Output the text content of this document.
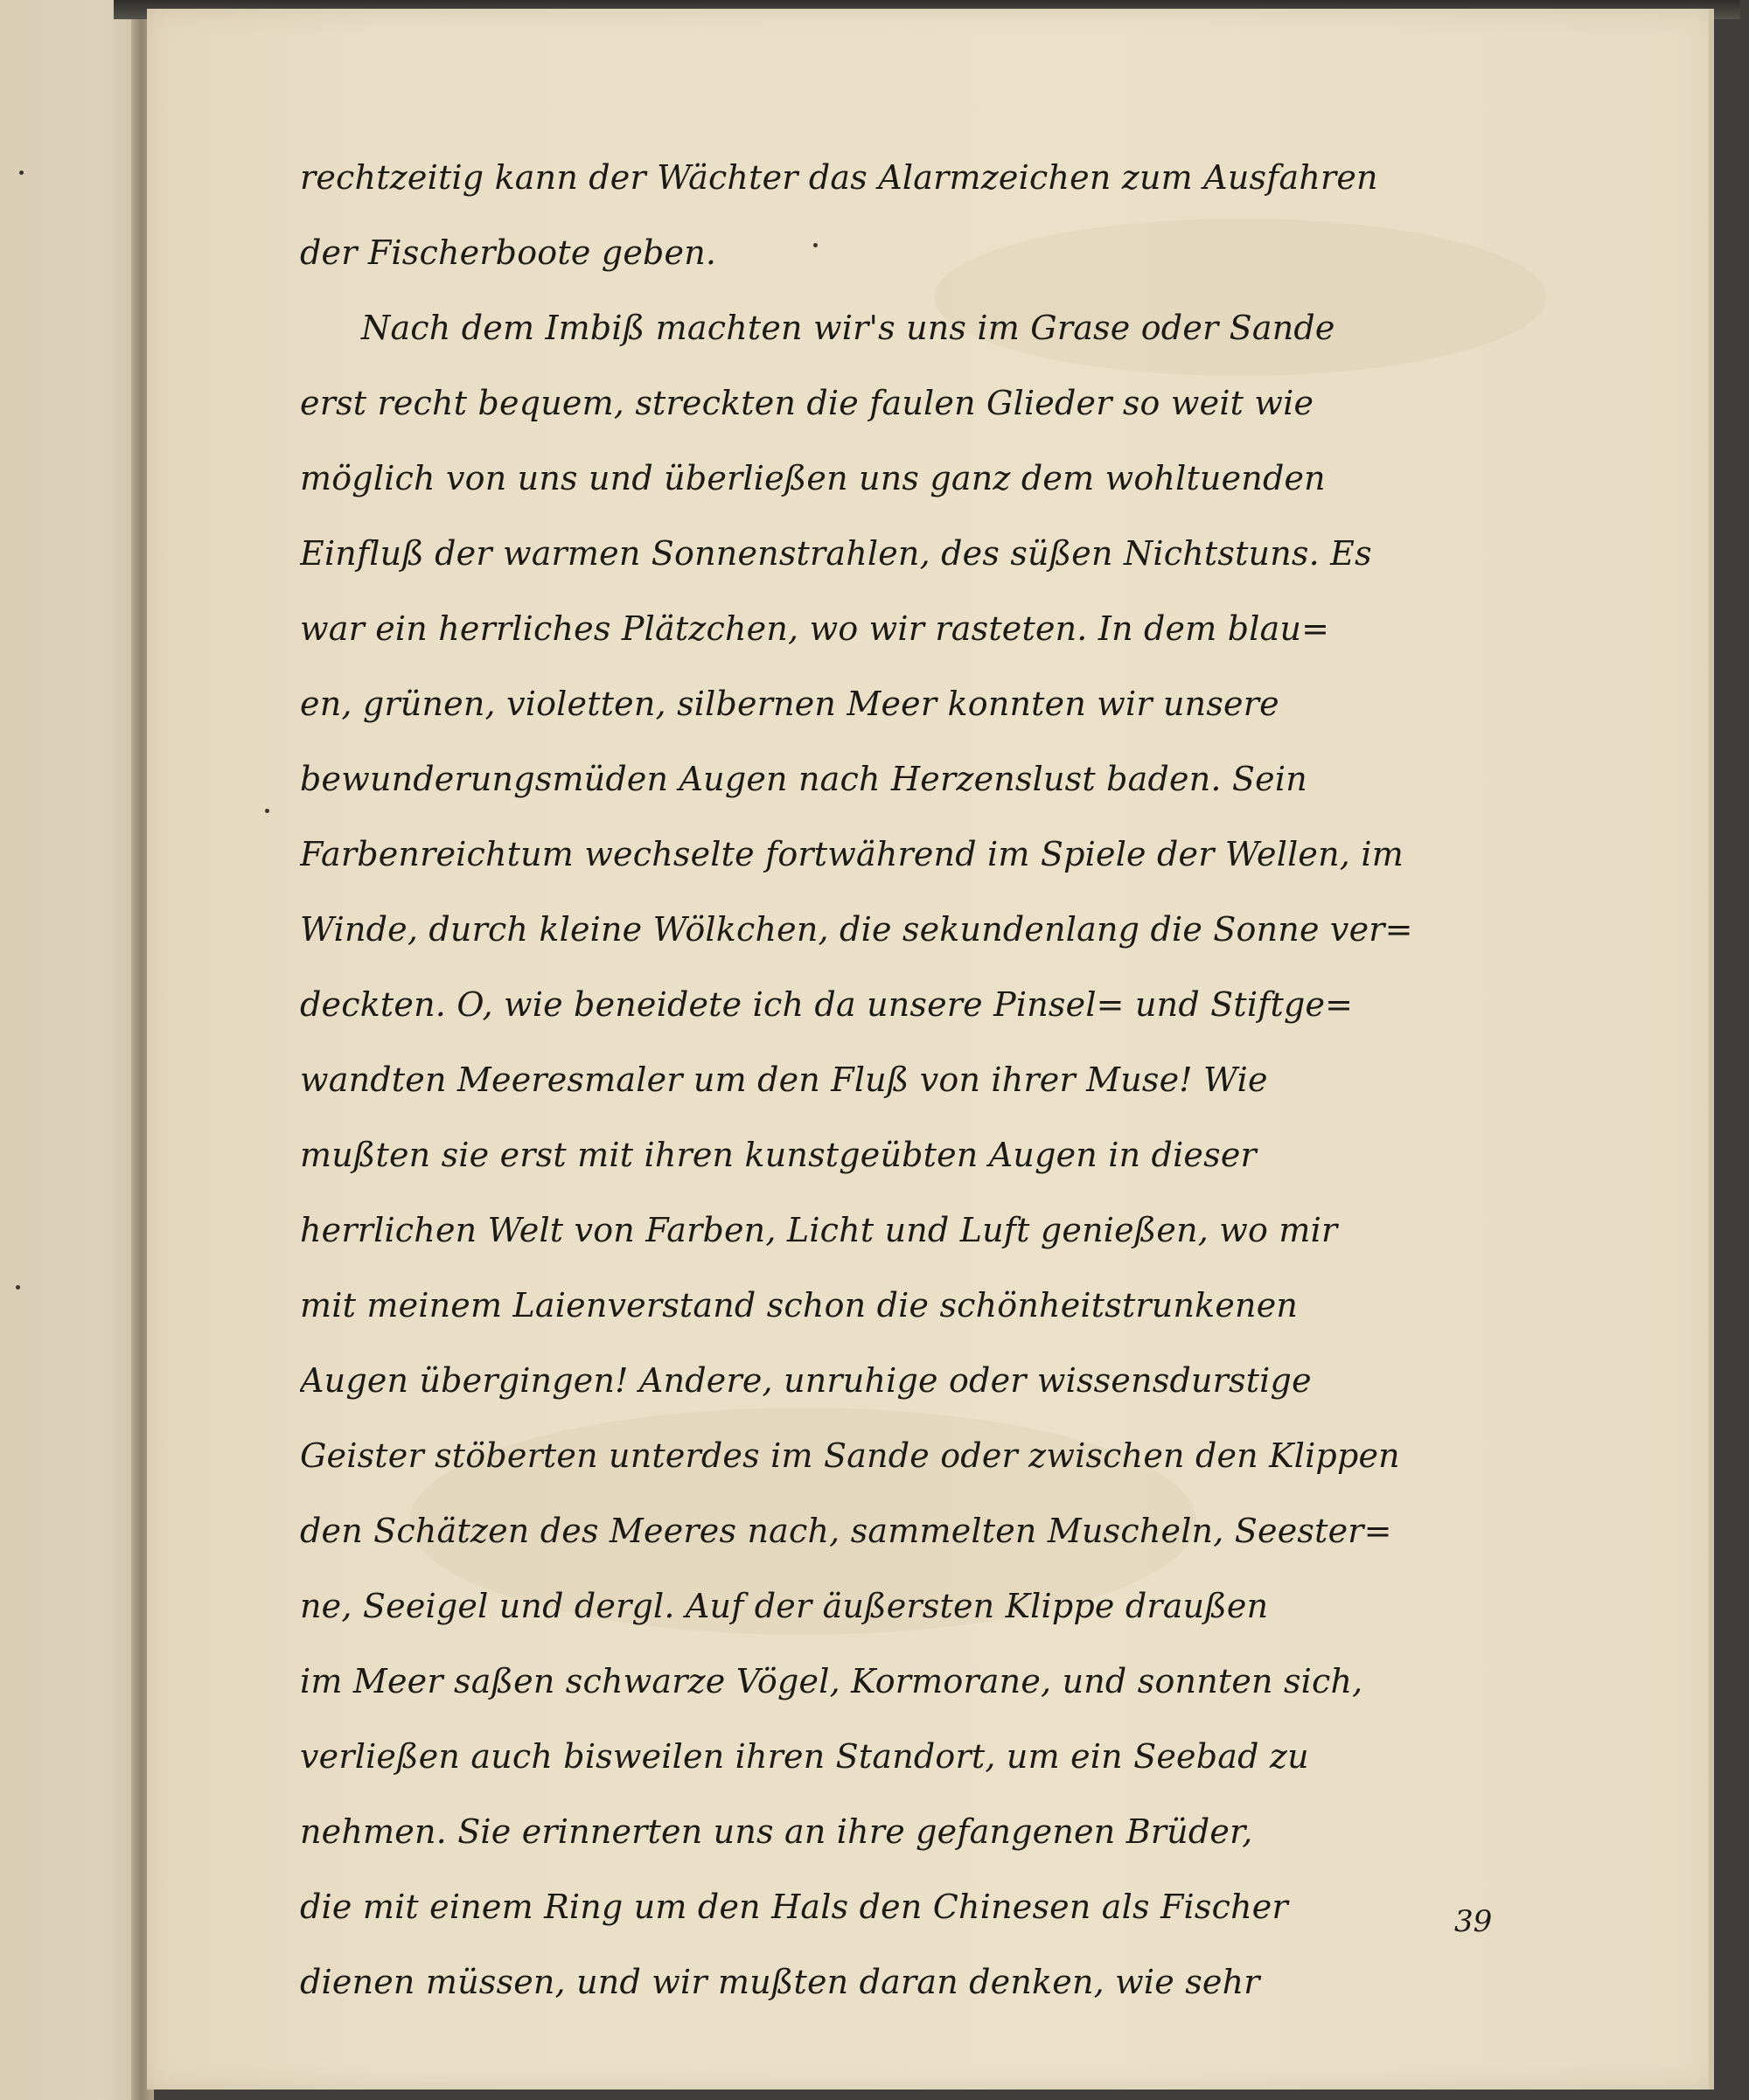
rechtzeitig kann der Wächter das Alarmzeichen zum Ausfahren
der Fischerboote geben.
Nach dem Imbiß machten wir's uns im Grase oder Sande
erst recht bequem, streckten die faulen Glieder so weit wie
möglich von uns und überließen uns ganz dem wohltuenden
Einfluß der warmen Sonnenstrahlen, des süßen Nichtstuns. Es
war ein herrliches Plätzchen, wo wir rasteten. In dem blau=
en, grünen, violetten, silbernen Meer konnten wir unsere
bewunderungsmüden Augen nach Herzenslust baden. Sein
Farbenreichtum wechselte fortwährend im Spiele der Wellen, im
Winde, durch kleine Wölkchen, die sekundenlang die Sonne ver=
deckten. O, wie beneidete ich da unsere Pinsel= und Stiftge=
wandten Meeresmaler um den Fluß von ihrer Muse! Wie
mußten sie erst mit ihren kunstgeübten Augen in dieser
herrlichen Welt von Farben, Licht und Luft genießen, wo mir
mit meinem Laienverstand schon die schönheitstrunkenen
Augen übergingen! Andere, unruhige oder wissensdurstige
Geister stöberten unterdes im Sande oder zwischen den Klippen
den Schätzen des Meeres nach, sammelten Muscheln, Seester=
ne, Seeigel und dergl. Auf der äußersten Klippe draußen
im Meer saßen schwarze Vögel, Kormorane, und sonnten sich,
verließen auch bisweilen ihren Standort, um ein Seebad zu
nehmen. Sie erinnerten uns an ihre gefangenen Brüder,
die mit einem Ring um den Hals den Chinesen als Fischer
dienen müssen, und wir mußten daran denken, wie sehr
39
